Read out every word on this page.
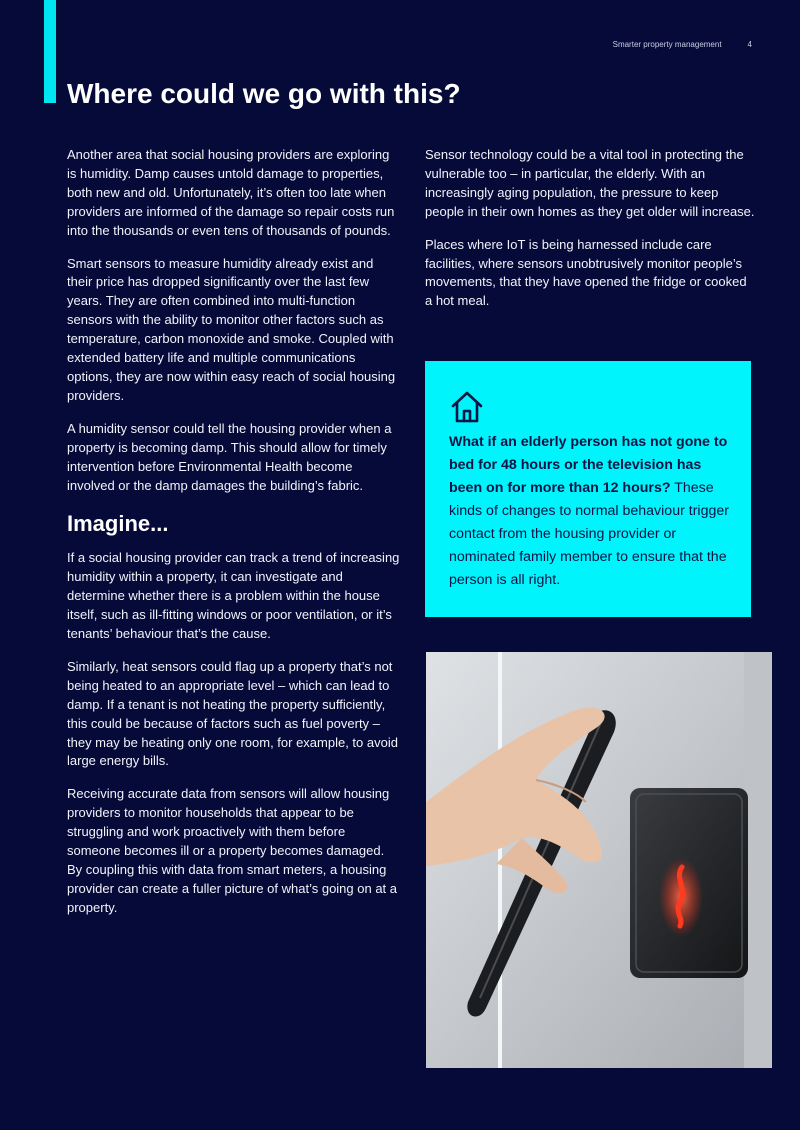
Smarter property management	4
Where could we go with this?

Another area that social housing providers are exploring is humidity. Damp causes untold damage to properties, both new and old. Unfortunately, it’s often too late when providers are informed of the damage so repair costs run into the thousands or even tens of thousands of pounds.

Smart sensors to measure humidity already exist and their price has dropped significantly over the last few years. They are often combined into multi-function sensors with the ability to monitor other factors such as temperature, carbon monoxide and smoke. Coupled with extended battery life and multiple communications options, they are now within easy reach of social housing providers.

A humidity sensor could tell the housing provider when a property is becoming damp. This should allow for timely intervention before Environmental Health become involved or the damp damages the building’s fabric.

Imagine...

If a social housing provider can track a trend of increasing humidity within a property, it can investigate and determine whether there is a problem within the house itself, such as ill-fitting windows or poor ventilation, or it’s tenants’ behaviour that’s the cause.

Similarly, heat sensors could flag up a property that’s not being heated to an appropriate level – which can lead to damp. If a tenant is not heating the property sufficiently, this could be because of factors such as fuel poverty – they may be heating only one room, for example, to avoid large energy bills.

Receiving accurate data from sensors will allow housing providers to monitor households that appear to be struggling and work proactively with them before someone becomes ill or a property becomes damaged. By coupling this with data from smart meters, a housing provider can create a fuller picture of what’s going on at a property.

Sensor technology could be a vital tool in protecting the vulnerable too – in particular, the elderly. With an increasingly aging population, the pressure to keep people in their own homes as they get older will increase.

Places where IoT is being harnessed include care facilities, where sensors unobtrusively monitor people’s movements, that they have opened the fridge or cooked a hot meal.

What if an elderly person has not gone to bed for 48 hours or the television has been on for more than 12 hours? These kinds of changes to normal behaviour trigger contact from the housing provider or nominated family member to ensure that the person is all right.
